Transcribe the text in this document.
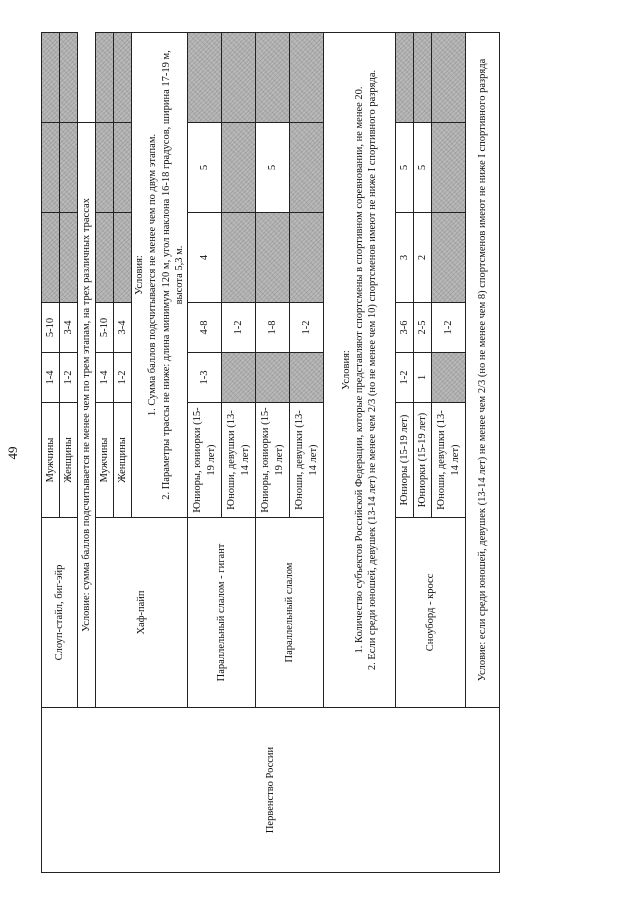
49
Первенство России	Слоуп-стайл, биг-эйр	Мужчины	1-4	5-10			
		Женщины	1-2	3-4			
	Условие: сумма баллов подсчитывается не менее чем по трем этапам, на трех различных трассах						
	Хаф-пайп	Мужчины	1-4	5-10			
		Женщины	1-2	3-4			

		Условия: 1. Сумма баллов подсчитывается не менее чем по двум этапам. 2. Параметры трассы не ниже: длина минимум 120 м, угол наклона 16-18 градусов, ширина 17-19 м, высота 5,3 м.					

	Параллельный слалом - гигант	Юниоры, юниорки (15-19 лет)	1-3	4-8	4	5	
		Юноши, девушки (13-14 лет)		1-2			
	Параллельный слалом	Юниоры, юниорки (15-19 лет)		1-8		5	
		Юноши, девушки (13-14 лет)		1-2			

	Условия: 1. Количество субъектов Российской Федерации, которые представляют спортсмены в спортивном соревновании, не менее 20. 2. Если среди юношей, девушек (13-14 лет) не менее чем 2/3 (но не менее чем 10) спортсменов имеют не ниже I спортивного разряда.						

	Сноуборд - кросс	Юниоры (15-19 лет)	1-2	3-6	3	5	
		Юниорки (15-19 лет)	1	2-5	2	5	
		Юноши, девушки (13-14 лет)		1-2			
	Условие: если среди юношей, девушек (13-14 лет) не менее чем 2/3 (но не менее чем 8) спортсменов имеют не ниже I спортивного разряда						
